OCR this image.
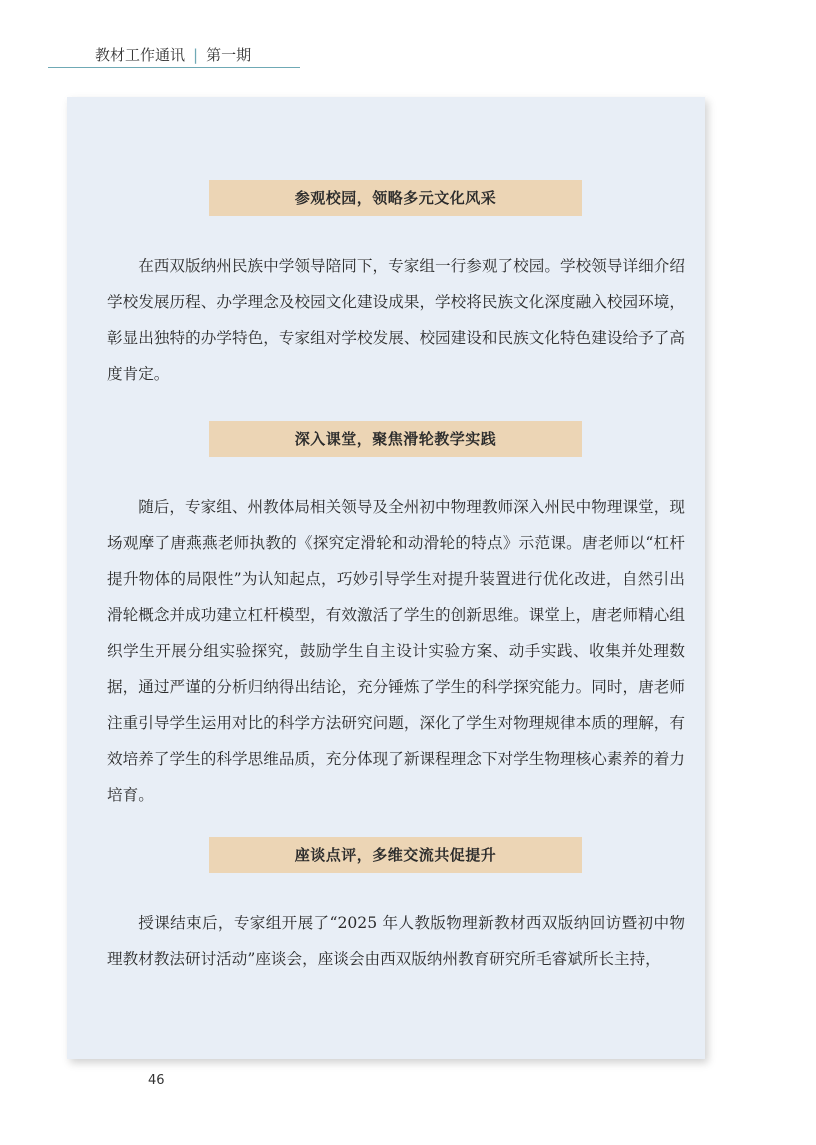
教材工作通讯 | 第一期
参观校园，领略多元文化风采
在西双版纳州民族中学领导陪同下，专家组一行参观了校园。学校领导详细介绍学校发展历程、办学理念及校园文化建设成果，学校将民族文化深度融入校园环境，彰显出独特的办学特色，专家组对学校发展、校园建设和民族文化特色建设给予了高度肯定。
深入课堂，聚焦滑轮教学实践
随后，专家组、州教体局相关领导及全州初中物理教师深入州民中物理课堂，现场观摩了唐燕燕老师执教的《探究定滑轮和动滑轮的特点》示范课。唐老师以“杠杆提升物体的局限性”为认知起点，巧妙引导学生对提升装置进行优化改进，自然引出滑轮概念并成功建立杠杆模型，有效激活了学生的创新思维。课堂上，唐老师精心组织学生开展分组实验探究，鼓励学生自主设计实验方案、动手实践、收集并处理数据，通过严谨的分析归纳得出结论，充分锤炼了学生的科学探究能力。同时，唐老师注重引导学生运用对比的科学方法研究问题，深化了学生对物理规律本质的理解，有效培养了学生的科学思维品质，充分体现了新课程理念下对学生物理核心素养的着力培育。
座谈点评，多维交流共促提升
授课结束后，专家组开展了“2025 年人教版物理新教材西双版纳回访暨初中物理教材教法研讨活动”座谈会，座谈会由西双版纳州教育研究所毛睿斌所长主持，
46
